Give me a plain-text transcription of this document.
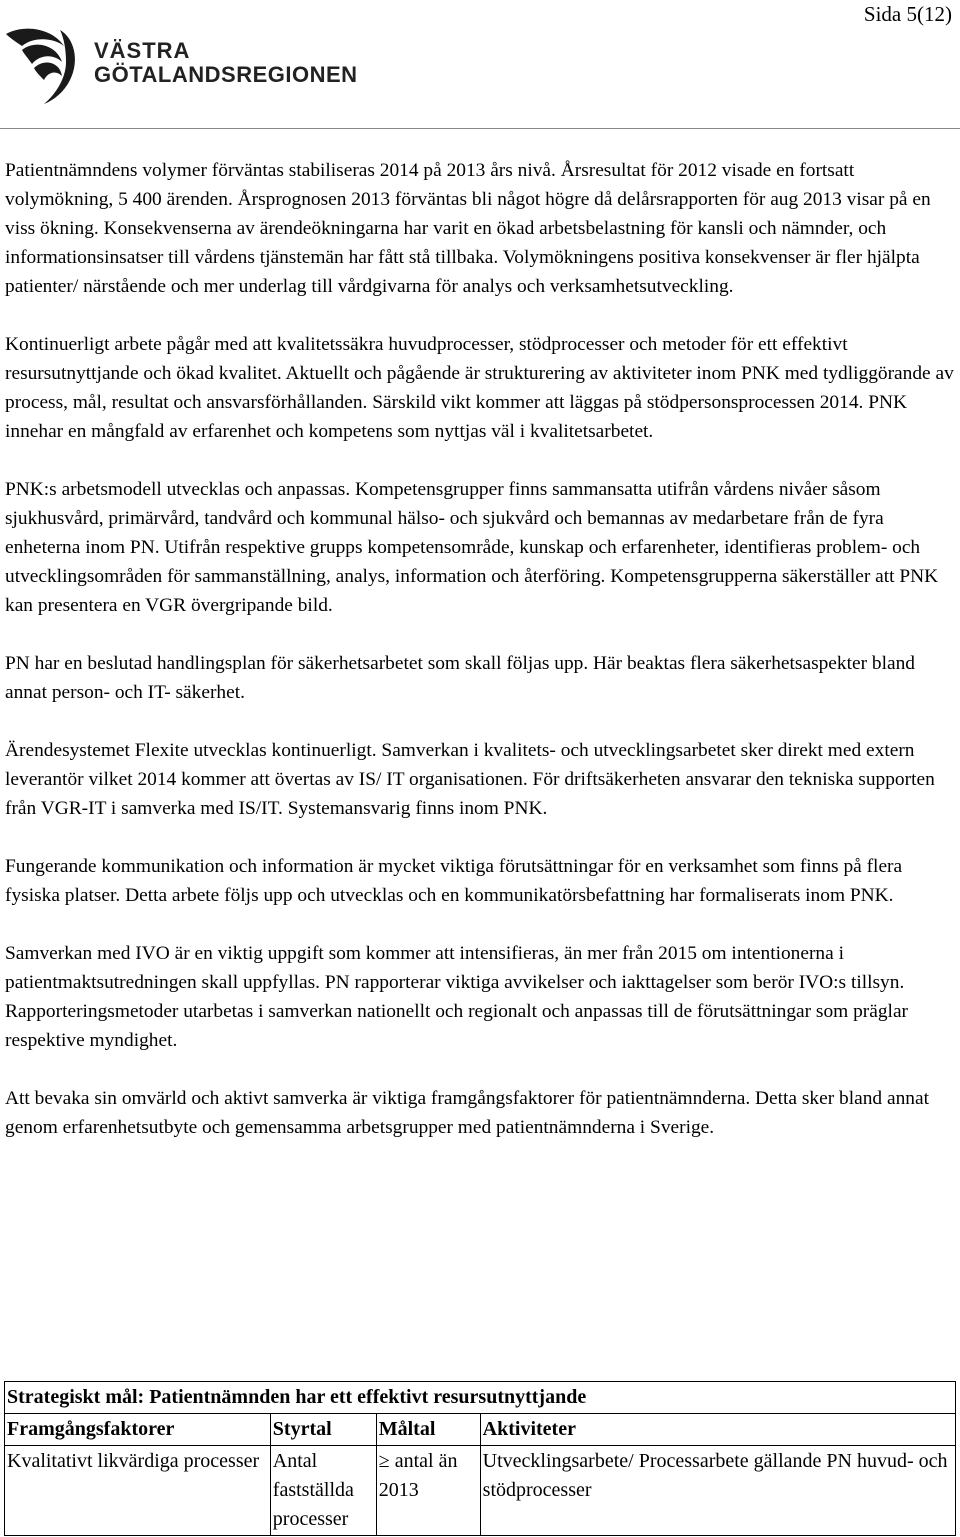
Sida 5(12)
VÄSTRA
GÖTALANDSREGIONEN

Patientnämndens volymer förväntas stabiliseras 2014 på 2013 års nivå. Årsresultat för 2012 visade en fortsatt volymökning, 5 400 ärenden. Årsprognosen 2013 förväntas bli något högre då delårsrapporten för aug 2013 visar på en viss ökning. Konsekvenserna av ärendeökningarna har varit en ökad arbetsbelastning för kansli och nämnder, och informationsinsatser till vårdens tjänstemän har fått stå tillbaka. Volymökningens positiva konsekvenser är fler hjälpta patienter/ närstående och mer underlag till vårdgivarna för analys och verksamhetsutveckling.

Kontinuerligt arbete pågår med att kvalitetssäkra huvudprocesser, stödprocesser och metoder för ett effektivt resursutnyttjande och ökad kvalitet. Aktuellt och pågående är strukturering av aktiviteter inom PNK med tydliggörande av process, mål, resultat och ansvarsförhållanden. Särskild vikt kommer att läggas på stödpersonsprocessen 2014. PNK innehar en mångfald av erfarenhet och kompetens som nyttjas väl i kvalitetsarbetet.

PNK:s arbetsmodell utvecklas och anpassas. Kompetensgrupper finns sammansatta utifrån vårdens nivåer såsom sjukhusvård, primärvård, tandvård och kommunal hälso- och sjukvård och bemannas av medarbetare från de fyra enheterna inom PN. Utifrån respektive grupps kompetensområde, kunskap och erfarenheter, identifieras problem- och utvecklingsområden för sammanställning, analys, information och återföring. Kompetensgrupperna säkerställer att PNK kan presentera en VGR övergripande bild.

PN har en beslutad handlingsplan för säkerhetsarbetet som skall följas upp. Här beaktas flera säkerhetsaspekter bland annat person- och IT- säkerhet.

Ärendesystemet Flexite utvecklas kontinuerligt. Samverkan i kvalitets- och utvecklingsarbetet sker direkt med extern leverantör vilket 2014 kommer att övertas av IS/ IT organisationen. För driftsäkerheten ansvarar den tekniska supporten från VGR-IT i samverka med IS/IT. Systemansvarig finns inom PNK.

Fungerande kommunikation och information är mycket viktiga förutsättningar för en verksamhet som finns på flera fysiska platser. Detta arbete följs upp och utvecklas och en kommunikatörsbefattning har formaliserats inom PNK.

Samverkan med IVO är en viktig uppgift som kommer att intensifieras, än mer från 2015 om intentionerna i patientmaktsutredningen skall uppfyllas. PN rapporterar viktiga avvikelser och iakttagelser som berör IVO:s tillsyn. Rapporteringsmetoder utarbetas i samverkan nationellt och regionalt och anpassas till de förutsättningar som präglar respektive myndighet.

Att bevaka sin omvärld och aktivt samverka är viktiga framgångsfaktorer för patientnämnderna. Detta sker bland annat genom erfarenhetsutbyte och gemensamma arbetsgrupper med patientnämnderna i Sverige.

Strategiskt mål: Patientnämnden har ett effektivt resursutnyttjande			
Framgångsfaktorer	Styrtal	Måltal	Aktiviteter
Kvalitativt likvärdiga processer	Antal fastställda processer	≥ antal än 2013	Utvecklingsarbete/ Processarbete gällande PN huvud- och stödprocesser
